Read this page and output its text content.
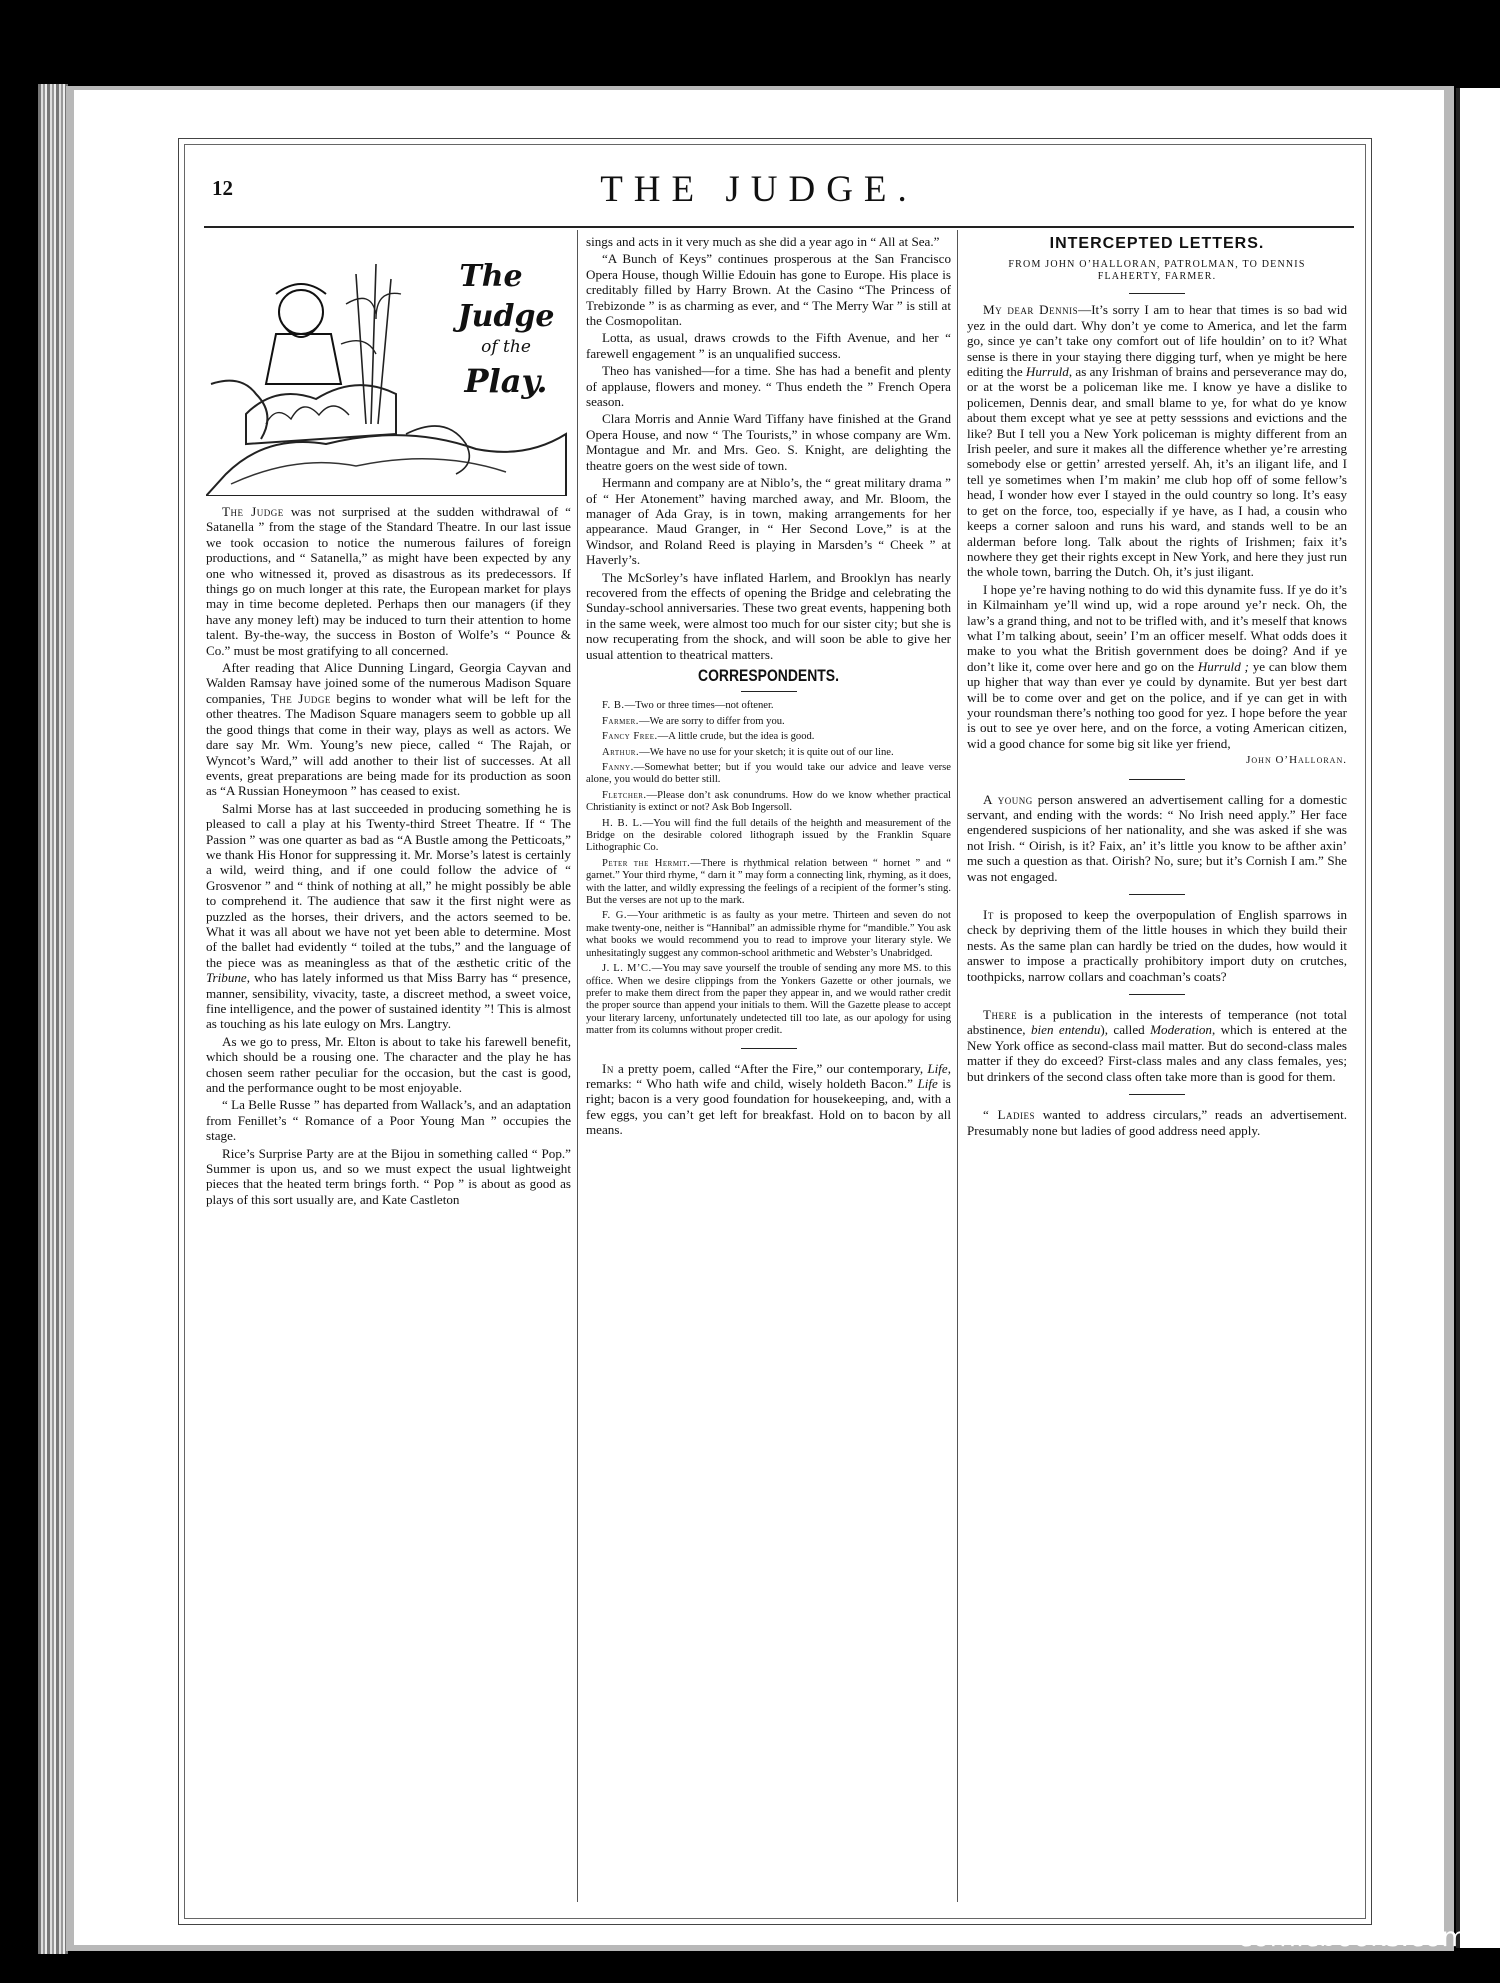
12	THE JUDGE.
The
Judge
of the
Play.

The Judge was not surprised at the sudden withdrawal of “ Satanella ” from the stage of the Standard Theatre. In our last issue we took occasion to notice the numerous failures of foreign productions, and “ Satanella,” as might have been expected by any one who witnessed it, proved as disastrous as its predecessors. If things go on much longer at this rate, the European market for plays may in time become depleted. Perhaps then our managers (if they have any money left) may be induced to turn their attention to home talent. By-the-way, the success in Boston of Wolfe’s “ Pounce & Co.” must be most gratifying to all concerned.

After reading that Alice Dunning Lingard, Georgia Cayvan and Walden Ramsay have joined some of the numerous Madison Square companies, The Judge begins to wonder what will be left for the other theatres. The Madison Square managers seem to gobble up all the good things that come in their way, plays as well as actors. We dare say Mr. Wm. Young’s new piece, called “ The Rajah, or Wyncot’s Ward,” will add another to their list of successes. At all events, great preparations are being made for its production as soon as “A Russian Honeymoon ” has ceased to exist.

Salmi Morse has at last succeeded in producing something he is pleased to call a play at his Twenty-third Street Theatre. If “ The Passion ” was one quarter as bad as “A Bustle among the Petticoats,” we thank His Honor for suppressing it. Mr. Morse’s latest is certainly a wild, weird thing, and if one could follow the advice of “ Grosvenor ” and “ think of nothing at all,” he might possibly be able to comprehend it. The audience that saw it the first night were as puzzled as the horses, their drivers, and the actors seemed to be. What it was all about we have not yet been able to determine. Most of the ballet had evidently “ toiled at the tubs,” and the language of the piece was as meaningless as that of the æsthetic critic of the Tribune, who has lately informed us that Miss Barry has “ presence, manner, sensibility, vivacity, taste, a discreet method, a sweet voice, fine intelligence, and the power of sustained identity ”! This is almost as touching as his late eulogy on Mrs. Langtry.

As we go to press, Mr. Elton is about to take his farewell benefit, which should be a rousing one. The character and the play he has chosen seem rather peculiar for the occasion, but the cast is good, and the performance ought to be most enjoyable.

“ La Belle Russe ” has departed from Wallack’s, and an adaptation from Fenillet’s “ Romance of a Poor Young Man ” occupies the stage.

Rice’s Surprise Party are at the Bijou in something called “ Pop.” Summer is upon us, and so we must expect the usual lightweight pieces that the heated term brings forth. “ Pop ” is about as good as plays of this sort usually are, and Kate Castleton

sings and acts in it very much as she did a year ago in “ All at Sea.”

“A Bunch of Keys” continues prosperous at the San Francisco Opera House, though Willie Edouin has gone to Europe. His place is creditably filled by Harry Brown. At the Casino “The Princess of Trebizonde ” is as charming as ever, and “ The Merry War ” is still at the Cosmopolitan.

Lotta, as usual, draws crowds to the Fifth Avenue, and her “ farewell engagement ” is an unqualified success.

Theo has vanished—for a time. She has had a benefit and plenty of applause, flowers and money. “ Thus endeth the ” French Opera season.

Clara Morris and Annie Ward Tiffany have finished at the Grand Opera House, and now “ The Tourists,” in whose company are Wm. Montague and Mr. and Mrs. Geo. S. Knight, are delighting the theatre goers on the west side of town.

Hermann and company are at Niblo’s, the “ great military drama ” of “ Her Atonement” having marched away, and Mr. Bloom, the manager of Ada Gray, is in town, making arrangements for her appearance. Maud Granger, in “ Her Second Love,” is at the Windsor, and Roland Reed is playing in Marsden’s “ Cheek ” at Haverly’s.

The McSorley’s have inflated Harlem, and Brooklyn has nearly recovered from the effects of opening the Bridge and celebrating the Sunday-school anniversaries. These two great events, happening both in the same week, were almost too much for our sister city; but she is now recuperating from the shock, and will soon be able to give her usual attention to theatrical matters.

CORRESPONDENTS.

F. B.—Two or three times—not oftener.

Farmer.—We are sorry to differ from you.

Fancy Free.—A little crude, but the idea is good.

Arthur.—We have no use for your sketch; it is quite out of our line.

Fanny.—Somewhat better; but if you would take our advice and leave verse alone, you would do better still.

Fletcher.—Please don’t ask conundrums. How do we know whether practical Christianity is extinct or not? Ask Bob Ingersoll.

H. B. L.—You will find the full details of the heighth and measurement of the Bridge on the desirable colored lithograph issued by the Franklin Square Lithographic Co.

Peter the Hermit.—There is rhythmical relation between “ hornet ” and “ garnet.” Your third rhyme, “ darn it ” may form a connecting link, rhyming, as it does, with the latter, and wildly expressing the feelings of a recipient of the former’s sting. But the verses are not up to the mark.

F. G.—Your arithmetic is as faulty as your metre. Thirteen and seven do not make twenty-one, neither is “Hannibal” an admissible rhyme for “mandible.” You ask what books we would recommend you to read to improve your literary style. We unhesitatingly suggest any common-school arithmetic and Webster’s Unabridged.

J. L. M’C.—You may save yourself the trouble of sending any more MS. to this office. When we desire clippings from the Yonkers Gazette or other journals, we prefer to make them direct from the paper they appear in, and we would rather credit the proper source than append your initials to them. Will the Gazette please to accept your literary larceny, unfortunately undetected till too late, as our apology for using matter from its columns without proper credit.

In a pretty poem, called “After the Fire,” our contemporary, Life, remarks: “ Who hath wife and child, wisely holdeth Bacon.” Life is right; bacon is a very good foundation for housekeeping, and, with a few eggs, you can’t get left for breakfast. Hold on to bacon by all means.

INTERCEPTED LETTERS.
FROM JOHN O’HALLORAN, PATROLMAN, TO DENNIS FLAHERTY, FARMER.

My dear Dennis—It’s sorry I am to hear that times is so bad wid yez in the ould dart. Why don’t ye come to America, and let the farm go, since ye can’t take ony comfort out of life houldin’ on to it? What sense is there in your staying there digging turf, when ye might be here editing the Hurruld, as any Irishman of brains and perseverance may do, or at the worst be a policeman like me. I know ye have a dislike to policemen, Dennis dear, and small blame to ye, for what do ye know about them except what ye see at petty sesssions and evictions and the like? But I tell you a New York policeman is mighty different from an Irish peeler, and sure it makes all the difference whether ye’re arresting somebody else or gettin’ arrested yerself. Ah, it’s an iligant life, and I tell ye sometimes when I’m makin’ me club hop off of some fellow’s head, I wonder how ever I stayed in the ould country so long. It’s easy to get on the force, too, especially if ye have, as I had, a cousin who keeps a corner saloon and runs his ward, and stands well to be an alderman before long. Talk about the rights of Irishmen; faix it’s nowhere they get their rights except in New York, and here they just run the whole town, barring the Dutch. Oh, it’s just iligant.

I hope ye’re having nothing to do wid this dynamite fuss. If ye do it’s in Kilmainham ye’ll wind up, wid a rope around ye’r neck. Oh, the law’s a grand thing, and not to be trifled with, and it’s meself that knows what I’m talking about, seein’ I’m an officer meself. What odds does it make to you what the British government does be doing? And if ye don’t like it, come over here and go on the Hurruld ; ye can blow them up higher that way than ever ye could by dynamite. But yer best dart will be to come over and get on the police, and if ye can get in with your roundsman there’s nothing too good for yez. I hope before the year is out to see ye over here, and on the force, a voting American citizen, wid a good chance for some big sit like yer friend,

John O’Halloran.

A young person answered an advertisement calling for a domestic servant, and ending with the words: “ No Irish need apply.” Her face engendered suspicions of her nationality, and she was asked if she was not Irish. “ Oirish, is it? Faix, an’ it’s little you know to be afther axin’ me such a question as that. Oirish? No, sure; but it’s Cornish I am.” She was not engaged.

It is proposed to keep the overpopulation of English sparrows in check by depriving them of the little houses in which they build their nests. As the same plan can hardly be tried on the dudes, how would it answer to impose a practically prohibitory import duty on crutches, toothpicks, narrow collars and coachman’s coats?

There is a publication in the interests of temperance (not total abstinence, bien entendu), called Moderation, which is entered at the New York office as second-class mail matter. But do second-class males matter if they do exceed? First-class males and any class females, yes; but drinkers of the second class often take more than is good for them.

“ Ladies wanted to address circulars,” reads an advertisement. Presumably none but ladies of good address need apply.

comicbooks.com
